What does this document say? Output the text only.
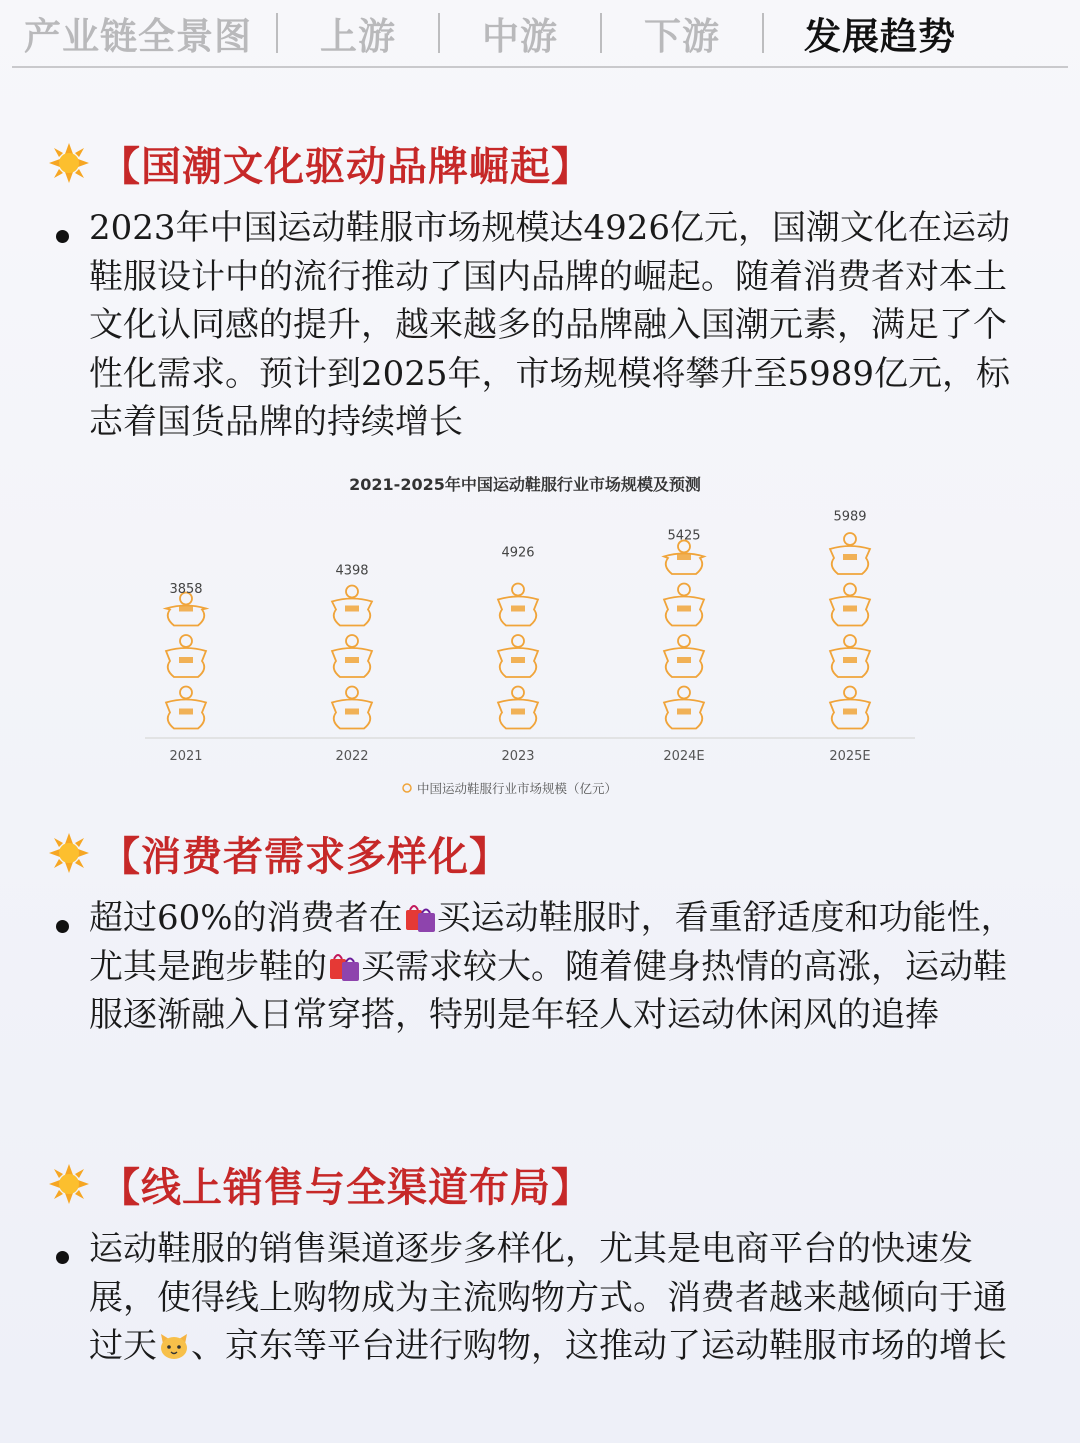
产业链全景图 上游 中游 下游 发展趋势
【国潮文化驱动品牌崛起】
2023年中国运动鞋服市场规模达4926亿元，国潮文化在运动鞋服设计中的流行推动了国内品牌的崛起。随着消费者对本土文化认同感的提升，越来越多的品牌融入国潮元素，满足了个性化需求。预计到2025年，市场规模将攀升至5989亿元，标志着国货品牌的持续增长
2021-2025年中国运动鞋服行业市场规模及预测
3858
2021
4398
2022
4926
2023
5425
2024E
5989
2025E
中国运动鞋服行业市场规模（亿元）
【消费者需求多样化】
超过60%的消费者在 买运动鞋服时，看重舒适度和功能性，尤其是跑步鞋的 买需求较大。随着健身热情的高涨，运动鞋服逐渐融入日常穿搭，特别是年轻人对运动休闲风的追捧
【线上销售与全渠道布局】
运动鞋服的销售渠道逐步多样化，尤其是电商平台的快速发展，使得线上购物成为主流购物方式。消费者越来越倾向于通过天 、京东等平台进行购物，这推动了运动鞋服市场的增长
